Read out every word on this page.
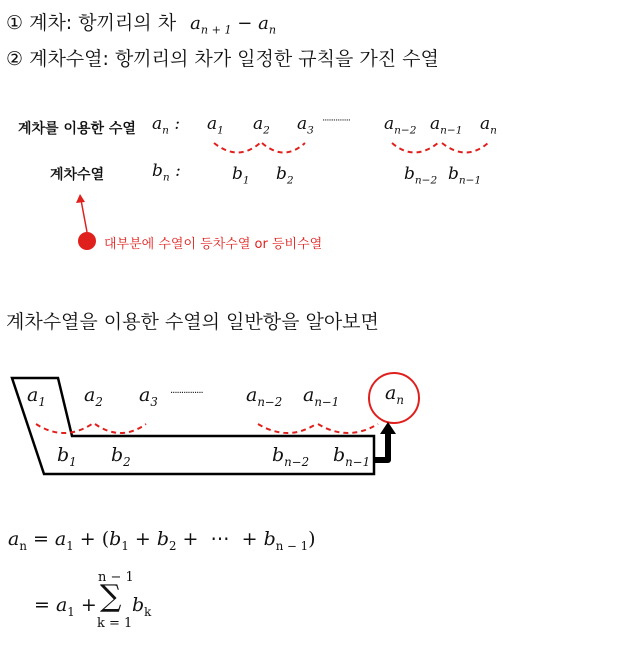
① 계차: 항끼리의 차 $a_{n + 1} - a_n$
② 계차수열: 항끼리의 차가 일정한 규칙을 가진 수열
계차를 이용한 수열 $a_n$ :
계차수열	$b_n$ :
$a_1$ $a_2$ $a_3$
··············· $a_{n-2}$ $a_{n-1}$ $a_n$
$b_1$ $b_2$	$b_{n-2}$ $b_{n-1}$
대부분에 수열이 등차수열 or 등비수열
계차수열을 이용한 수열의 일반항을 알아보면
$a_1$ $a_2$ $a_3$
··············· $a_{n-2}$ $a_{n-1}$ $a_n$
$b_1$ $b_2$	$b_{n-2}$ $b_{n-1}$
$a_n = a_1 + (b_1 + b_2$ +  ⋯  + $b_{n - 1}$)
= $a_1$ +
n − 1
∑
k = 1
$b_k$
